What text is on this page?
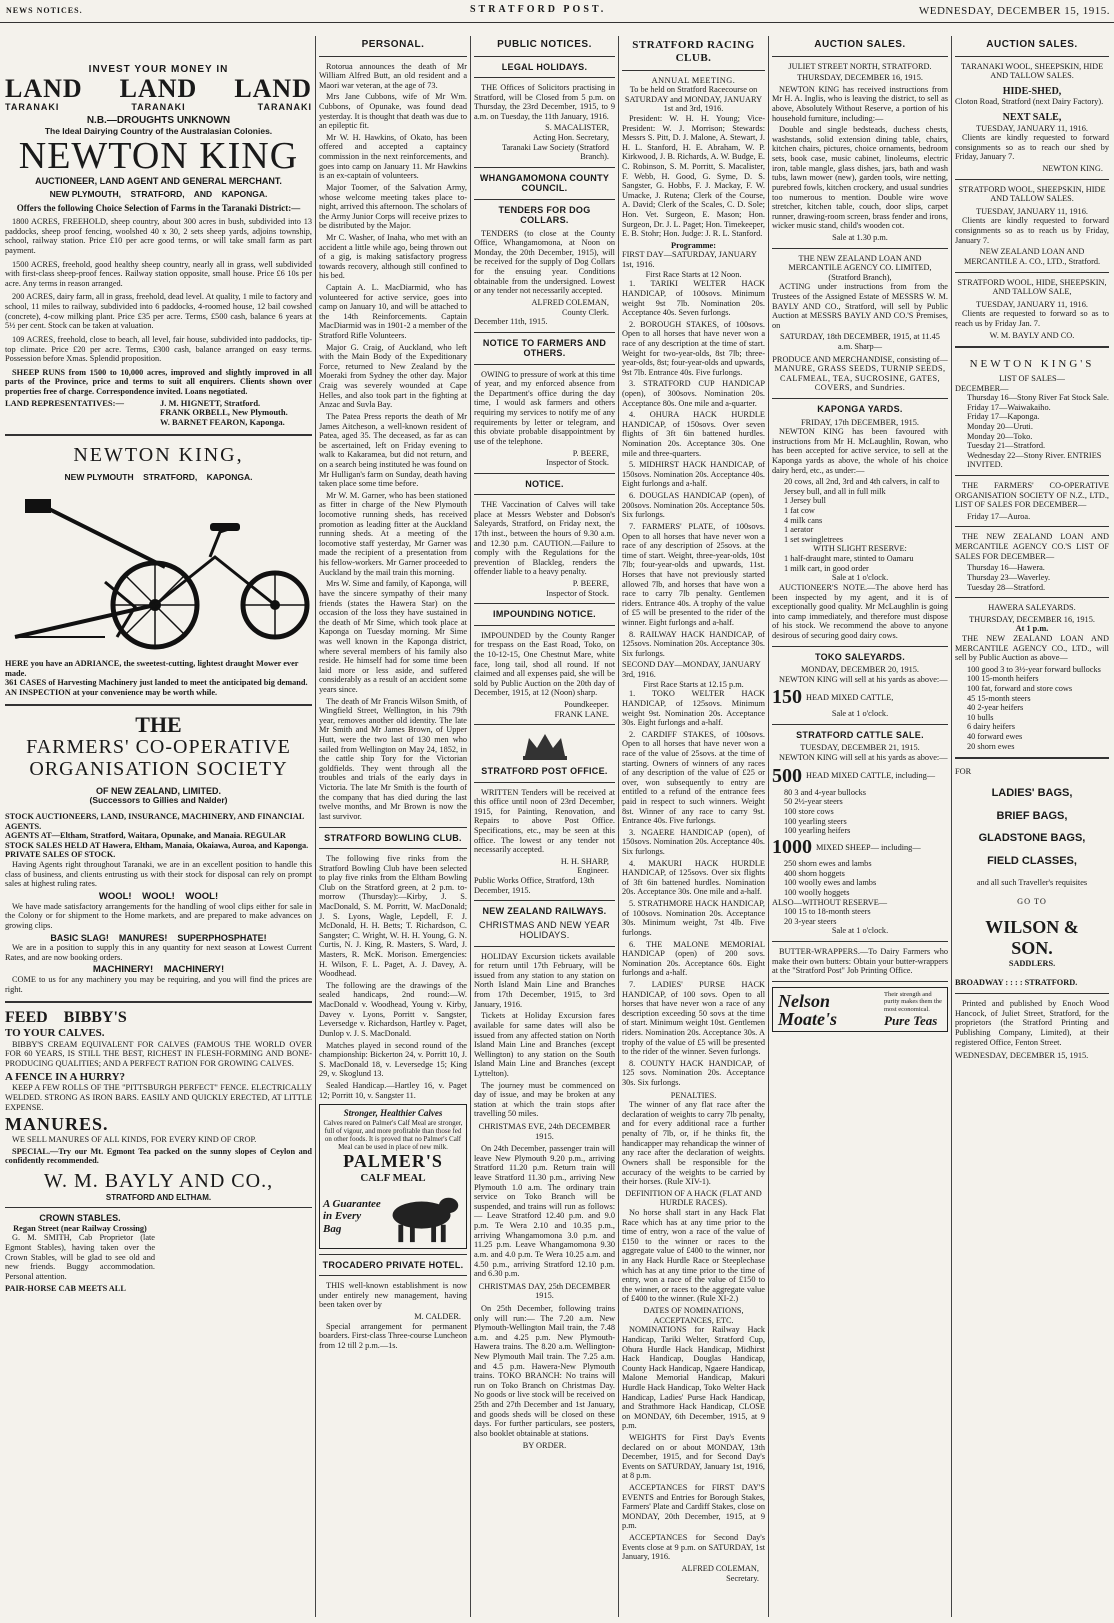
NEWS NOTICES.	STRATFORD POST.	WEDNESDAY, DECEMBER 15, 1915.
INVEST YOUR MONEY IN
LAND LAND LAND
TARANAKI	TARANAKI	TARANAKI
N.B.—DROUGHTS UNKNOWN
The Ideal Dairying Country of the Australasian Colonies.
NEWTON KING
AUCTIONEER, LAND AGENT AND GENERAL MERCHANT.
NEW PLYMOUTH,    STRATFORD,    AND    KAPONGA.
Offers the following Choice Selection of Farms in the Taranaki District:—

1800 ACRES, FREEHOLD, sheep country, about 300 acres in bush, subdivided into 13 paddocks, sheep proof fencing, woolshed 40 x 30, 2 sets sheep yards, adjoins township, school, railway station. Price £10 per acre good terms, or will take small farm as part payment.

1500 ACRES, freehold, good healthy sheep country, nearly all in grass, well subdivided with first-class sheep-proof fences. Railway station opposite, small house. Price £6 10s per acre. Any terms in reason arranged.

200 ACRES, dairy farm, all in grass, freehold, dead level. At quality, 1 mile to factory and school, 11 miles to railway, subdivided into 6 paddocks, 4-roomed house, 12 bail cowshed (concrete), 4-cow milking plant. Price £35 per acre. Terms, £500 cash, balance 6 years at 5½ per cent. Stock can be taken at valuation.

109 ACRES, freehold, close to beach, all level, fair house, subdivided into paddocks, tip-top climate. Price £20 per acre. Terms, £300 cash, balance arranged on easy terms. Possession before Xmas. Splendid proposition.

SHEEP RUNS from 1500 to 10,000 acres, improved and slightly improved in all parts of the Province, price and terms to suit all enquirers. Clients shown over properties free of charge. Correspondence invited. Loans negotiated.

LAND REPRESENTATIVES:—	J. M. HIGNETT, Stratford.
FRANK ORBELL, New Plymouth.
W. BARNET FEARON, Kaponga.
NEWTON KING,
NEW PLYMOUTH    STRATFORD,    KAPONGA.
HERE you have an ADRIANCE, the sweetest-cutting, lightest draught Mower ever made.
361 CASES of Harvesting Machinery just landed to meet the anticipated big demand.
AN INSPECTION at your convenience may be worth while.
THE
FARMERS' CO-OPERATIVE
ORGANISATION SOCIETY
OF NEW ZEALAND, LIMITED.
(Successors to Gillies and Nalder)
STOCK AUCTIONEERS, LAND, INSURANCE, MACHINERY, AND FINANCIAL AGENTS.
AGENTS AT—Eltham, Stratford, Waitara, Opunake, and Manaia. REGULAR STOCK SALES HELD AT Hawera, Eltham, Manaia, Okaiawa, Auroa, and Kaponga. PRIVATE SALES OF STOCK.

Having Agents right throughout Taranaki, we are in an excellent position to handle this class of business, and clients entrusting us with their stock for disposal can rely on prompt sales at highest ruling rates.

WOOL!    WOOL!    WOOL!

We have made satisfactory arrangements for the handling of wool clips either for sale in the Colony or for shipment to the Home markets, and are prepared to make advances on growing clips.

BASIC SLAG!    MANURES!    SUPERPHOSPHATE!

We are in a position to supply this in any quantity for next season at Lowest Current Rates, and are now booking orders.

MACHINERY!    MACHINERY!

COME to us for any machinery you may be requiring, and you will find the prices are right.

FEED    BIBBY'S
TO YOUR CALVES.

BIBBY'S CREAM EQUIVALENT FOR CALVES (FAMOUS THE WORLD OVER FOR 60 YEARS, IS STILL THE BEST, RICHEST IN FLESH-FORMING AND BONE-PRODUCING QUALITIES; AND A PERFECT RATION FOR GROWING CALVES.

A FENCE IN A HURRY?

KEEP A FEW ROLLS OF THE "PITTSBURGH PERFECT" FENCE. ELECTRICALLY WELDED. STRONG AS IRON BARS. EASILY AND QUICKLY ERECTED, AT LITTLE EXPENSE.

MANURES.

WE SELL MANURES OF ALL KINDS, FOR EVERY KIND OF CROP.

SPECIAL.—Try our Mt. Egmont Tea packed on the sunny slopes of Ceylon and confidently recommended.

W. M. BAYLY AND CO.,
STRATFORD AND ELTHAM.
CROWN STABLES.
Regan Street (near Railway Crossing)

G. M. SMITH, Cab Proprietor (late Egmont Stables), having taken over the Crown Stables, will be glad to see old and new friends. Buggy accommodation. Personal attention.

PAIR-HORSE CAB MEETS ALL
PERSONAL.

Rotorua announces the death of Mr William Alfred Butt, an old resident and a Maori war veteran, at the age of 73.

Mrs Jane Cubbons, wife of Mr Wm. Cubbons, of Opunake, was found dead yesterday. It is thought that death was due to an epileptic fit.

Mr W. H. Hawkins, of Okato, has been offered and accepted a captaincy commission in the next reinforcements, and goes into camp on January 11. Mr Hawkins is an ex-captain of volunteers.

Major Toomer, of the Salvation Army, whose welcome meeting takes place to-night, arrived this afternoon. The scholars of the Army Junior Corps will receive prizes to be distributed by the Major.

Mr C. Washer, of Inaha, who met with an accident a little while ago, being thrown out of a gig, is making satisfactory progress towards recovery, although still confined to his bed.

Captain A. L. MacDiarmid, who has volunteered for active service, goes into camp on January 10, and will be attached to the 14th Reinforcements. Captain MacDiarmid was in 1901-2 a member of the Stratford Rifle Volunteers.

Major G. Craig, of Auckland, who left with the Main Body of the Expeditionary Force, returned to New Zealand by the Moeraki from Sydney the other day. Major Craig was severely wounded at Cape Helles, and also took part in the fighting at Anzac and Suvla Bay.

The Patea Press reports the death of Mr James Aitcheson, a well-known resident of Patea, aged 35. The deceased, as far as can be ascertained, left on Friday evening to walk to Kakaramea, but did not return, and on a search being instituted he was found on Mr Hulligan's farm on Sunday, death having taken place some time before.

Mr W. M. Garner, who has been stationed as fitter in charge of the New Plymouth locomotive running sheds, has received promotion as leading fitter at the Auckland running sheds. At a meeting of the locomotive staff yesterday, Mr Garner was made the recipient of a presentation from his fellow-workers. Mr Garner proceeded to Auckland by the mail train this morning.

Mrs W. Sime and family, of Kaponga, will have the sincere sympathy of their many friends (states the Hawera Star) on the occasion of the loss they have sustained in the death of Mr Sime, which took place at Kaponga on Tuesday morning. Mr Sime was well known in the Kaponga district, where several members of his family also reside. He himself had for some time been laid more or less aside, and suffered considerably as a result of an accident some years since.

The death of Mr Francis Wilson Smith, of Wingfield Street, Wellington, in his 79th year, removes another old identity. The late Mr Smith and Mr James Brown, of Upper Hutt, were the two last of 130 men who sailed from Wellington on May 24, 1852, in the cattle ship Tory for the Victorian goldfields. They went through all the troubles and trials of the early days in Victoria. The late Mr Smith is the fourth of the company that has died during the last twelve months, and Mr Brown is now the last survivor.

STRATFORD BOWLING CLUB.

The following five rinks from the Stratford Bowling Club have been selected to play five rinks from the Eltham Bowling Club on the Stratford green, at 2 p.m. to-morrow (Thursday):—Kirby, J. S. MacDonald, S. M. Porritt, W. MacDonald; J. S. Lyons, Wagle, Lepdell, F. J. McDonald, H. H. Betts; T. Richardson, C. Sangster; C. Wright, W. H. H. Young, G. N. Curtis, N. J. King, R. Masters, S. Ward, J. Masters, R. McK. Morison. Emergencies: H. Wilson, F. L. Paget, A. J. Davey, A. Woodhead.

The following are the drawings of the sealed handicaps, 2nd round:—W. MacDonald v. Woodhead, Young v. Kirby, Davey v. Lyons, Porritt v. Sangster, Leversedge v. Richardson, Hartley v. Paget, Dunlop v. J. S. MacDonald.

Matches played in second round of the championship: Bickerton 24, v. Porritt 10, J. S. MacDonald 18, v. Leversedge 15; King 29, v. Skoglund 13.

Sealed Handicap.—Hartley 16, v. Paget 12; Porritt 10, v. Sangster 11.

Stronger, Healthier Calves
Calves reared on Palmer's Calf Meal are stronger, full of vigour, and more profitable than those fed on other foods. It is proved that no Palmer's Calf Meal can be used in place of new milk.
PALMER'S
CALF MEAL
A Guarantee in Every Bag
TROCADERO PRIVATE HOTEL.

THIS well-known establishment is now under entirely new management, having been taken over by

M. CALDER.

Special arrangement for permanent boarders. First-class Three-course Luncheon from 12 till 2 p.m.—1s.

PUBLIC NOTICES.
LEGAL HOLIDAYS.

THE Offices of Solicitors practising in Stratford, will be Closed from 5 p.m. on Thursday, the 23rd December, 1915, to 9 a.m. on Tuesday, the 11th January, 1916.

S. MACALISTER,
Acting Hon. Secretary,
Taranaki Law Society (Stratford Branch).
WHANGAMOMONA COUNTY COUNCIL.
TENDERS FOR DOG COLLARS.

TENDERS (to close at the County Office, Whangamomona, at Noon on Monday, the 20th December, 1915), will be received for the supply of Dog Collars for the ensuing year. Conditions obtainable from the undersigned. Lowest or any tender not necessarily accepted.

ALFRED COLEMAN,
County Clerk.
December 11th, 1915.
NOTICE TO FARMERS AND OTHERS.

OWING to pressure of work at this time of year, and my enforced absence from the Department's office during the day time, I would ask farmers and others requiring my services to notify me of any requirements by letter or telegram, and this obviate probable disappointment by use of the telephone.

P. BEERE,
Inspector of Stock.
NOTICE.

THE Vaccination of Calves will take place at Messrs Webster and Dobson's Saleyards, Stratford, on Friday next, the 17th inst., between the hours of 9.30 a.m. and 12.30 p.m. CAUTION.—Failure to comply with the Regulations for the prevention of Blackleg, renders the offender liable to a heavy penalty.

P. BEERE,
Inspector of Stock.
IMPOUNDING NOTICE.

IMPOUNDED by the County Ranger for trespass on the East Road, Toko, on the 10-12-15, One Chestnut Mare, white face, long tail, shod all round. If not claimed and all expenses paid, she will be sold by Public Auction on the 20th day of December, 1915, at 12 (Noon) sharp.

Poundkeeper.
FRANK LANE.
STRATFORD POST OFFICE.

WRITTEN Tenders will be received at this office until noon of 23rd December, 1915, for Painting, Renovation, and Repairs to above Post Office. Specifications, etc., may be seen at this office. The lowest or any tender not necessarily accepted.

H. H. SHARP,
Engineer.
Public Works Office, Stratford, 13th December, 1915.
NEW ZEALAND RAILWAYS.
CHRISTMAS AND NEW YEAR HOLIDAYS.

HOLIDAY Excursion tickets available for return until 17th February, will be issued from any station to any station on North Island Main Line and Branches from 17th December, 1915, to 3rd January, 1916.

Tickets at Holiday Excursion fares available for same dates will also be issued from any affected station on North Island Main Line and Branches (except Wellington) to any station on the South Island Main Line and Branches (except Lyttelton).

The journey must be commenced on day of issue, and may be broken at any station at which the train stops after travelling 50 miles.

CHRISTMAS EVE, 24th DECEMBER 1915.

On 24th December, passenger train will leave New Plymouth 9.20 p.m., arriving Stratford 11.20 p.m. Return train will leave Stratford 11.30 p.m., arriving New Plymouth 1.0 a.m. The ordinary train service on Toko Branch will be suspended, and trains will run as follows:— Leave Stratford 12.40 p.m. and 9.0 p.m. Te Wera 2.10 and 10.35 p.m., arriving Whangamomona 3.0 p.m. and 11.25 p.m. Leave Whangamomona 9.30 a.m. and 4.0 p.m. Te Wera 10.25 a.m. and 4.50 p.m., arriving Stratford 12.10 p.m. and 6.30 p.m.

CHRISTMAS DAY, 25th DECEMBER 1915.

On 25th December, following trains only will run:— The 7.20 a.m. New Plymouth-Wellington Mail train, the 7.48 a.m. and 4.25 p.m. New Plymouth-Hawera trains. The 8.20 a.m. Wellington-New Plymouth Mail train. The 7.25 a.m. and 4.5 p.m. Hawera-New Plymouth trains. TOKO BRANCH: No trains will run on Toko Branch on Christmas Day. No goods or live stock will be received on 25th and 27th December and 1st January, and goods sheds will be closed on these days. For further particulars, see posters, also booklet obtainable at stations.

BY ORDER.
STRATFORD RACING CLUB.
ANNUAL MEETING.
To be held on Stratford Racecourse on
SATURDAY and MONDAY, JANUARY 1st and 3rd, 1916.

President: W. H. H. Young; Vice-President: W. J. Morrison; Stewards: Messrs S. Pitt, D. J. Malone, A. Stewart, J. H. L. Stanford, H. E. Abraham, W. P. Kirkwood, J. B. Richards, A. W. Budge, E. C. Robinson, S. M. Porritt, S. Macalister, F. Webb, H. Good, G. Syme, D. S. Sangster, G. Hobbs, F. J. Mackay, F. W. Umacke, J. Rutena; Clerk of the Course, A. David; Clerk of the Scales, C. D. Sole; Hon. Vet. Surgeon, E. Mason; Hon. Surgeon, Dr. J. L. Paget; Hon. Timekeeper, E. B. Stohr; Hon. Judge: J. R. L. Stanford.

Programme:
FIRST DAY—SATURDAY, JANUARY 1st, 1916.
First Race Starts at 12 Noon.

1. TARIKI WELTER HACK HANDICAP, of 100sovs. Minimum weight 9st 7lb. Nomination 20s. Acceptance 40s. Seven furlongs.

2. BOROUGH STAKES, of 100sovs. Open to all horses that have never won a race of any description at the time of start. Weight for two-year-olds, 8st 7lb; three-year-olds, 8st; four-year-olds and upwards, 9st 7lb. Entrance 40s. Five furlongs.

3. STRATFORD CUP HANDICAP (open), of 300sovs. Nomination 20s. Acceptance 80s. One mile and a-quarter.

4. OHURA HACK HURDLE HANDICAP, of 150sovs. Over seven flights of 3ft 6in battened hurdles. Nomination 20s. Acceptance 30s. One mile and three-quarters.

5. MIDHIRST HACK HANDICAP, of 150sovs. Nomination 20s. Acceptance 40s. Eight furlongs and a-half.

6. DOUGLAS HANDICAP (open), of 200sovs. Nomination 20s. Acceptance 50s. Six furlongs.

7. FARMERS' PLATE, of 100sovs. Open to all horses that have never won a race of any description of 25sovs. at the time of start. Weight, three-year-olds, 10st 7lb; four-year-olds and upwards, 11st. Horses that have not previously started allowed 7lb, and horses that have won a race to carry 7lb penalty. Gentlemen riders. Entrance 40s. A trophy of the value of £5 will be presented to the rider of the winner. Eight furlongs and a-half.

8. RAILWAY HACK HANDICAP, of 125sovs. Nomination 20s. Acceptance 30s. Six furlongs.

SECOND DAY—MONDAY, JANUARY 3rd, 1916.
First Race Starts at 12.15 p.m.

1. TOKO WELTER HACK HANDICAP, of 125sovs. Minimum weight 9st. Nomination 20s. Acceptance 30s. Eight furlongs and a-half.

2. CARDIFF STAKES, of 100sovs. Open to all horses that have never won a race of the value of 25sovs. at the time of starting. Owners of winners of any races of any description of the value of £25 or over, won subsequently to entry are entitled to a refund of the entrance fees paid in respect to such winners. Weight 8st. Winner of any race to carry 9st. Entrance 40s. Five furlongs.

3. NGAERE HANDICAP (open), of 150sovs. Nomination 20s. Acceptance 40s. Six furlongs.

4. MAKURI HACK HURDLE HANDICAP, of 125sovs. Over six flights of 3ft 6in battened hurdles. Nomination 20s. Acceptance 30s. One mile and a-half.

5. STRATHMORE HACK HANDICAP, of 100sovs. Nomination 20s. Acceptance 30s. Minimum weight, 7st 4lb. Five furlongs.

6. THE MALONE MEMORIAL HANDICAP (open) of 200 sovs. Nomination 20s. Acceptance 60s. Eight furlongs and a-half.

7. LADIES' PURSE HACK HANDICAP, of 100 sovs. Open to all horses that have never won a race of any description exceeding 50 sovs at the time of start. Minimum weight 10st. Gentlemen riders. Nomination 20s. Acceptance 30s. A trophy of the value of £5 will be presented to the rider of the winner. Seven furlongs.

8. COUNTY HACK HANDICAP, of 125 sovs. Nomination 20s. Acceptance 30s. Six furlongs.

PENALTIES.

The winner of any flat race after the declaration of weights to carry 7lb penalty, and for every additional race a further penalty of 7lb, or, if he thinks fit, the handicapper may rehandicap the winner of any race after the declaration of weights. Owners shall be responsible for the accuracy of the weights to be carried by their horses. (Rule XIV-1).

DEFINITION OF A HACK (FLAT AND HURDLE RACES).

No horse shall start in any Hack Flat Race which has at any time prior to the time of entry, won a race of the value of £150 to the winner or races to the aggregate value of £400 to the winner, nor in any Hack Hurdle Race or Steeplechase which has at any time prior to the time of entry, won a race of the value of £150 to the winner, or races to the aggregate value of £400 to the winner. (Rule XI-2.)

DATES OF NOMINATIONS, ACCEPTANCES, ETC.

NOMINATIONS for Railway Hack Handicap, Tariki Welter, Stratford Cup, Ohura Hurdle Hack Handicap, Midhirst Hack Handicap, Douglas Handicap, County Hack Handicap, Ngaere Handicap, Malone Memorial Handicap, Makuri Hurdle Hack Handicap, Toko Welter Hack Handicap, Ladies' Purse Hack Handicap, and Strathmore Hack Handicap, CLOSE on MONDAY, 6th December, 1915, at 9 p.m.

WEIGHTS for First Day's Events declared on or about MONDAY, 13th December, 1915, and for Second Day's Events on SATURDAY, January 1st, 1916, at 8 p.m.

ACCEPTANCES for FIRST DAY'S EVENTS and Entries for Borough Stakes, Farmers' Plate and Cardiff Stakes, close on MONDAY, 20th December, 1915, at 9 p.m.

ACCEPTANCES for Second Day's Events close at 9 p.m. on SATURDAY, 1st January, 1916.

ALFRED COLEMAN,
Secretary.
AUCTION SALES.
JULIET STREET NORTH, STRATFORD.
THURSDAY, DECEMBER 16, 1915.

NEWTON KING has received instructions from Mr H. A. Inglis, who is leaving the district, to sell as above, Absolutely Without Reserve, a portion of his household furniture, including:—

Double and single bedsteads, duchess chests, washstands, solid extension dining table, chairs, kitchen chairs, pictures, choice ornaments, bedroom sets, book case, music cabinet, linoleums, electric iron, table mangle, glass dishes, jars, bath and wash tubs, lawn mower (new), garden tools, wire netting, purebred fowls, kitchen crockery, and usual sundries too numerous to mention. Double wire wove stretcher, kitchen table, couch, door slips, carpet runner, drawing-room screen, brass fender and irons, wicker music stand, child's wooden cot.

Sale at 1.30 p.m.
THE NEW ZEALAND LOAN AND MERCANTILE AGENCY CO. LIMITED,
(Stratford Branch),

ACTING under instructions from from the Trustees of the Assigned Estate of MESSRS W. M. BAYLY AND CO., Stratford, will sell by Public Auction at MESSRS BAYLY AND CO.'S Premises, on

SATURDAY, 18th DECEMBER, 1915, at 11.45 a.m. Sharp—
PRODUCE AND MERCHANDISE, consisting of—
MANURE, GRASS SEEDS, TURNIP SEEDS, CALFMEAL, TEA, SUCROSINE, GATES, COVERS, and Sundries.
KAPONGA YARDS.
FRIDAY, 17th DECEMBER, 1915.

NEWTON KING has been favoured with instructions from Mr H. McLaughlin, Rowan, who has been accepted for active service, to sell at the Kaponga yards as above, the whole of his choice dairy herd, etc., as under:—

20 cows, all 2nd, 3rd and 4th calvers, in calf to Jersey bull, and all in full milk
1 Jersey bull
1 fat cow
4 milk cans
1 aerator
1 set swingletrees
WITH SLIGHT RESERVE:
1 half-draught mare, stinted to Oamaru
1 milk cart, in good order
Sale at 1 o'clock.

AUCTIONEER'S NOTE.—The above herd has been inspected by my agent, and it is of exceptionally good quality. Mr McLaughlin is going into camp immediately, and therefore must dispose of his stock. We recommend the above to anyone desirous of securing good dairy cows.

TOKO SALEYARDS.
MONDAY, DECEMBER 20, 1915.

NEWTON KING will sell at his yards as above:—

150 HEAD MIXED CATTLE,
Sale at 1 o'clock.
STRATFORD CATTLE SALE.
TUESDAY, DECEMBER 21, 1915.

NEWTON KING will sell at his yards as above:—

500 HEAD MIXED CATTLE, including—
80 3 and 4-year bullocks
50 2½-year steers
100 store cows
100 yearling steers
100 yearling heifers
1000 MIXED SHEEP— including—
250 shorn ewes and lambs
400 shorn hoggets
100 woolly ewes and lambs
100 woolly hoggets
ALSO—WITHOUT RESERVE—
100 15 to 18-month steers
20 3-year steers
Sale at 1 o'clock.

BUTTER-WRAPPERS.—To Dairy Farmers who make their own butters: Obtain your butter-wrappers at the "Stratford Post" Job Printing Office.

Nelson
Moate's
Their strength and purity makes them the most economical.
Pure Teas
AUCTION SALES.
TARANAKI WOOL, SHEEPSKIN, HIDE AND TALLOW SALES.
HIDE-SHED,
Cloton Road, Stratford (next Dairy Factory).
NEXT SALE,
TUESDAY, JANUARY 11, 1916.

Clients are kindly requested to forward consignments so as to reach our shed by Friday, January 7.

NEWTON KING.
STRATFORD WOOL, SHEEPSKIN, HIDE AND TALLOW SALES.
TUESDAY, JANUARY 11, 1916.

Clients are kindly requested to forward consignments so as to reach us by Friday, January 7.

NEW ZEALAND LOAN AND MERCANTILE A. CO., LTD., Stratford.
STRATFORD WOOL, HIDE, SHEEPSKIN, AND TALLOW SALE,
TUESDAY, JANUARY 11, 1916.

Clients are requested to forward so as to reach us by Friday Jan. 7.

W. M. BAYLY AND CO.
NEWTON KING'S
LIST OF SALES—
DECEMBER—
Thursday 16—Stony River Fat Stock Sale.
Friday 17—Waiwakaiho.
Friday 17—Kaponga.
Monday 20—Uruti.
Monday 20—Toko.
Tuesday 21—Stratford.
Wednesday 22—Stony River. ENTRIES INVITED.

THE FARMERS' CO-OPERATIVE ORGANISATION SOCIETY OF N.Z., LTD., LIST OF SALES FOR DECEMBER—

Friday 17—Auroa.

THE NEW ZEALAND LOAN AND MERCANTILE AGENCY CO.'S LIST OF SALES FOR DECEMBER—

Thursday 16—Hawera.
Thursday 23—Waverley.
Tuesday 28—Stratford.
HAWERA SALEYARDS.
THURSDAY, DECEMBER 16, 1915.
At 1 p.m.

THE NEW ZEALAND LOAN AND MERCANTILE AGENCY CO., LTD., will sell by Public Auction as above—

100 good 3 to 3½-year forward bullocks
100 15-month heifers
100 fat, forward and store cows
45 15-month steers
40 2-year heifers
10 bulls
6 dairy heifers
40 forward ewes
20 shorn ewes
FOR
LADIES' BAGS,
BRIEF BAGS,
GLADSTONE BAGS,
FIELD CLASSES,
and all such Traveller's requisites
GO TO
WILSON &
SON.
SADDLERS.
BROADWAY : : : : STRATFORD.

Printed and published by Enoch Wood Hancock, of Juliet Street, Stratford, for the proprietors (the Stratford Printing and Publishing Company, Limited), at their registered Office, Fenton Street.

WEDNESDAY, DECEMBER 15, 1915.
